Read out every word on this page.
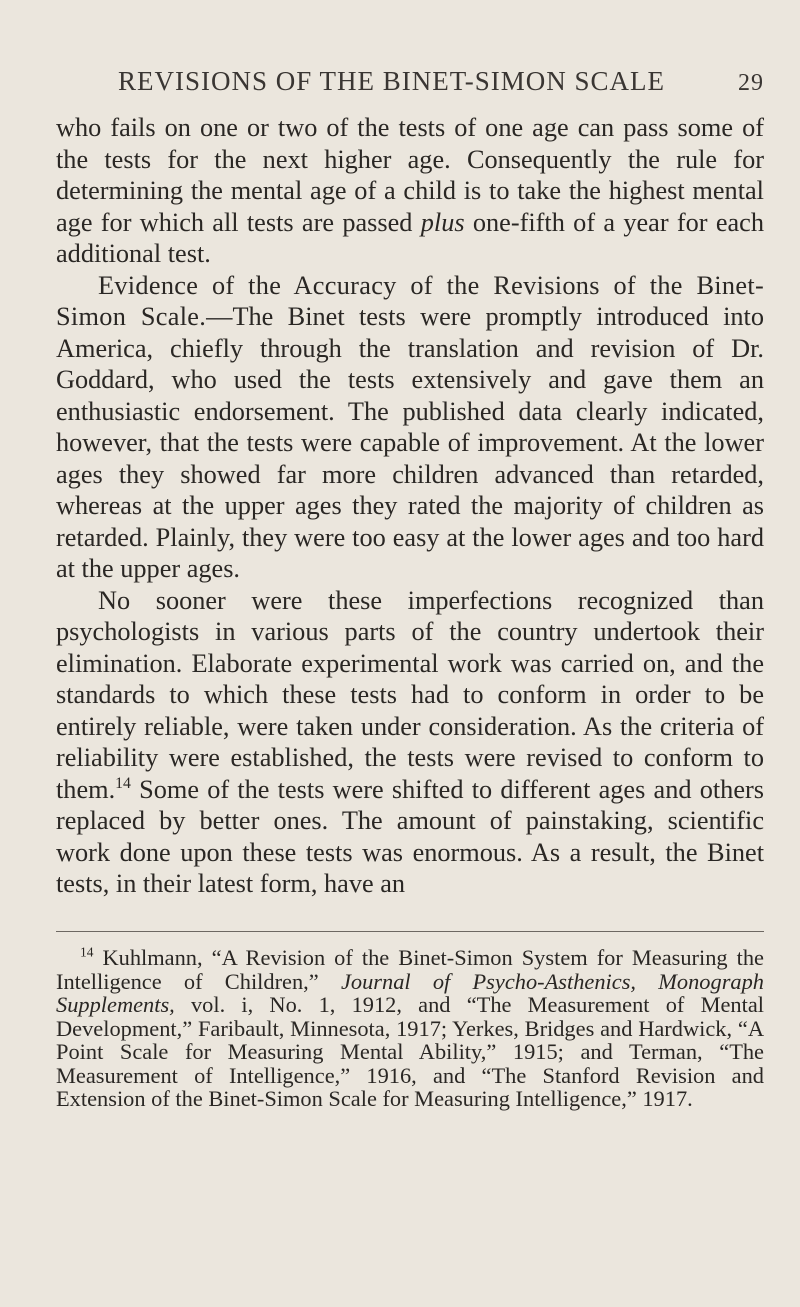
REVISIONS OF THE BINET-SIMON SCALE	29

who fails on one or two of the tests of one age can pass some of the tests for the next higher age. Consequently the rule for determining the mental age of a child is to take the highest mental age for which all tests are passed plus one-fifth of a year for each additional test.

Evidence of the Accuracy of the Revisions of the Binet-Simon Scale.—The Binet tests were promptly introduced into America, chiefly through the translation and revision of Dr. Goddard, who used the tests extensively and gave them an enthusiastic endorsement. The published data clearly indicated, however, that the tests were capable of improvement. At the lower ages they showed far more children advanced than retarded, whereas at the upper ages they rated the majority of children as retarded. Plainly, they were too easy at the lower ages and too hard at the upper ages.

No sooner were these imperfections recognized than psychologists in various parts of the country undertook their elimination. Elaborate experimental work was carried on, and the standards to which these tests had to conform in order to be entirely reliable, were taken under consideration. As the criteria of reliability were established, the tests were revised to conform to them.$^{14}$ Some of the tests were shifted to different ages and others replaced by better ones. The amount of painstaking, scientific work done upon these tests was enormous. As a result, the Binet tests, in their latest form, have an

$^{14}$ Kuhlmann, “A Revision of the Binet-Simon System for Measuring the Intelligence of Children,” Journal of Psycho-Asthenics, Monograph Supplements, vol. i, No. 1, 1912, and “The Measurement of Mental Development,” Faribault, Minnesota, 1917; Yerkes, Bridges and Hardwick, “A Point Scale for Measuring Mental Ability,” 1915; and Terman, “The Measurement of Intelligence,” 1916, and “The Stanford Revision and Extension of the Binet-Simon Scale for Measuring Intelligence,” 1917.
